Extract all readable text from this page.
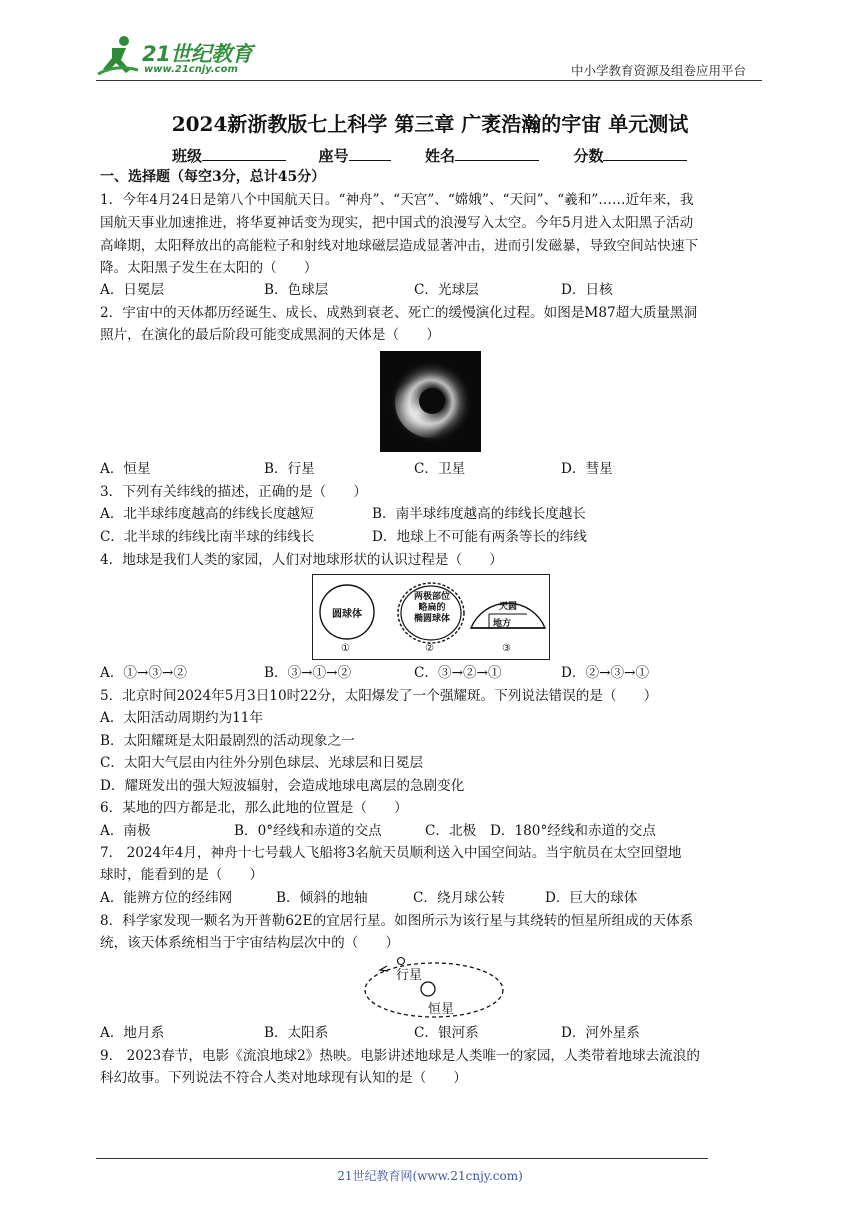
21世纪教育
www.21cnjy.com	中小学教育资源及组卷应用平台
2024新浙教版七上科学 第三章 广袤浩瀚的宇宙 单元测试
班级	座号	姓名	分数
一、选择题（每空3分，总计45分）
1．今年4月24日是第八个中国航天日。“神舟”、“天宫”、“嫦娥”、“天问”、“羲和”……近年来，我
国航天事业加速推进，将华夏神话变为现实，把中国式的浪漫写入太空。今年5月进入太阳黑子活动
高峰期，太阳释放出的高能粒子和射线对地球磁层造成显著冲击，进而引发磁暴，导致空间站快速下
降。太阳黑子发生在太阳的（　　）
A．日冕层	B．色球层	C．光球层	D．日核
2．宇宙中的天体都历经诞生、成长、成熟到衰老、死亡的缓慢演化过程。如图是M87超大质量黑洞
照片，在演化的最后阶段可能变成黑洞的天体是（　　）
A．恒星	B．行星	C．卫星	D．彗星
3．下列有关纬线的描述，正确的是（　　）
A．北半球纬度越高的纬线长度越短	B．南半球纬度越高的纬线长度越长
C．北半球的纬线比南半球的纬线长	D．地球上不可能有两条等长的纬线
4．地球是我们人类的家园，人们对地球形状的认识过程是（　　）
圆球体
两极部位
略扁的
椭圆球体
天圆
地方
①	②	③
A．①→③→②	B．③→①→②	C．③→②→①	D．②→③→①
5．北京时间2024年5月3日10时22分，太阳爆发了一个强耀斑。下列说法错误的是（　　）
A．太阳活动周期约为11年
B．太阳耀斑是太阳最剧烈的活动现象之一
C．太阳大气层由内往外分别色球层、光球层和日冕层
D．耀斑发出的强大短波辐射，会造成地球电离层的急剧变化
6．某地的四方都是北，那么此地的位置是（　　）
A．南极	B．0°经线和赤道的交点	C．北极 D．180°经线和赤道的交点
7． 2024年4月，神舟十七号载人飞船将3名航天员顺利送入中国空间站。当宇航员在太空回望地
球时，能看到的是（　　）
A．能辨方位的经纬网	B．倾斜的地轴	C．绕月球公转	D．巨大的球体
8．科学家发现一颗名为开普勒62E的宜居行星。如图所示为该行星与其绕转的恒星所组成的天体系
统，该天体系统相当于宇宙结构层次中的（　　）
行星
恒星
A．地月系	B．太阳系	C．银河系	D．河外星系
9． 2023春节，电影《流浪地球2》热映。电影讲述地球是人类唯一的家园，人类带着地球去流浪的
科幻故事。下列说法不符合人类对地球现有认知的是（　　）
21世纪教育网(www.21cnjy.com)
